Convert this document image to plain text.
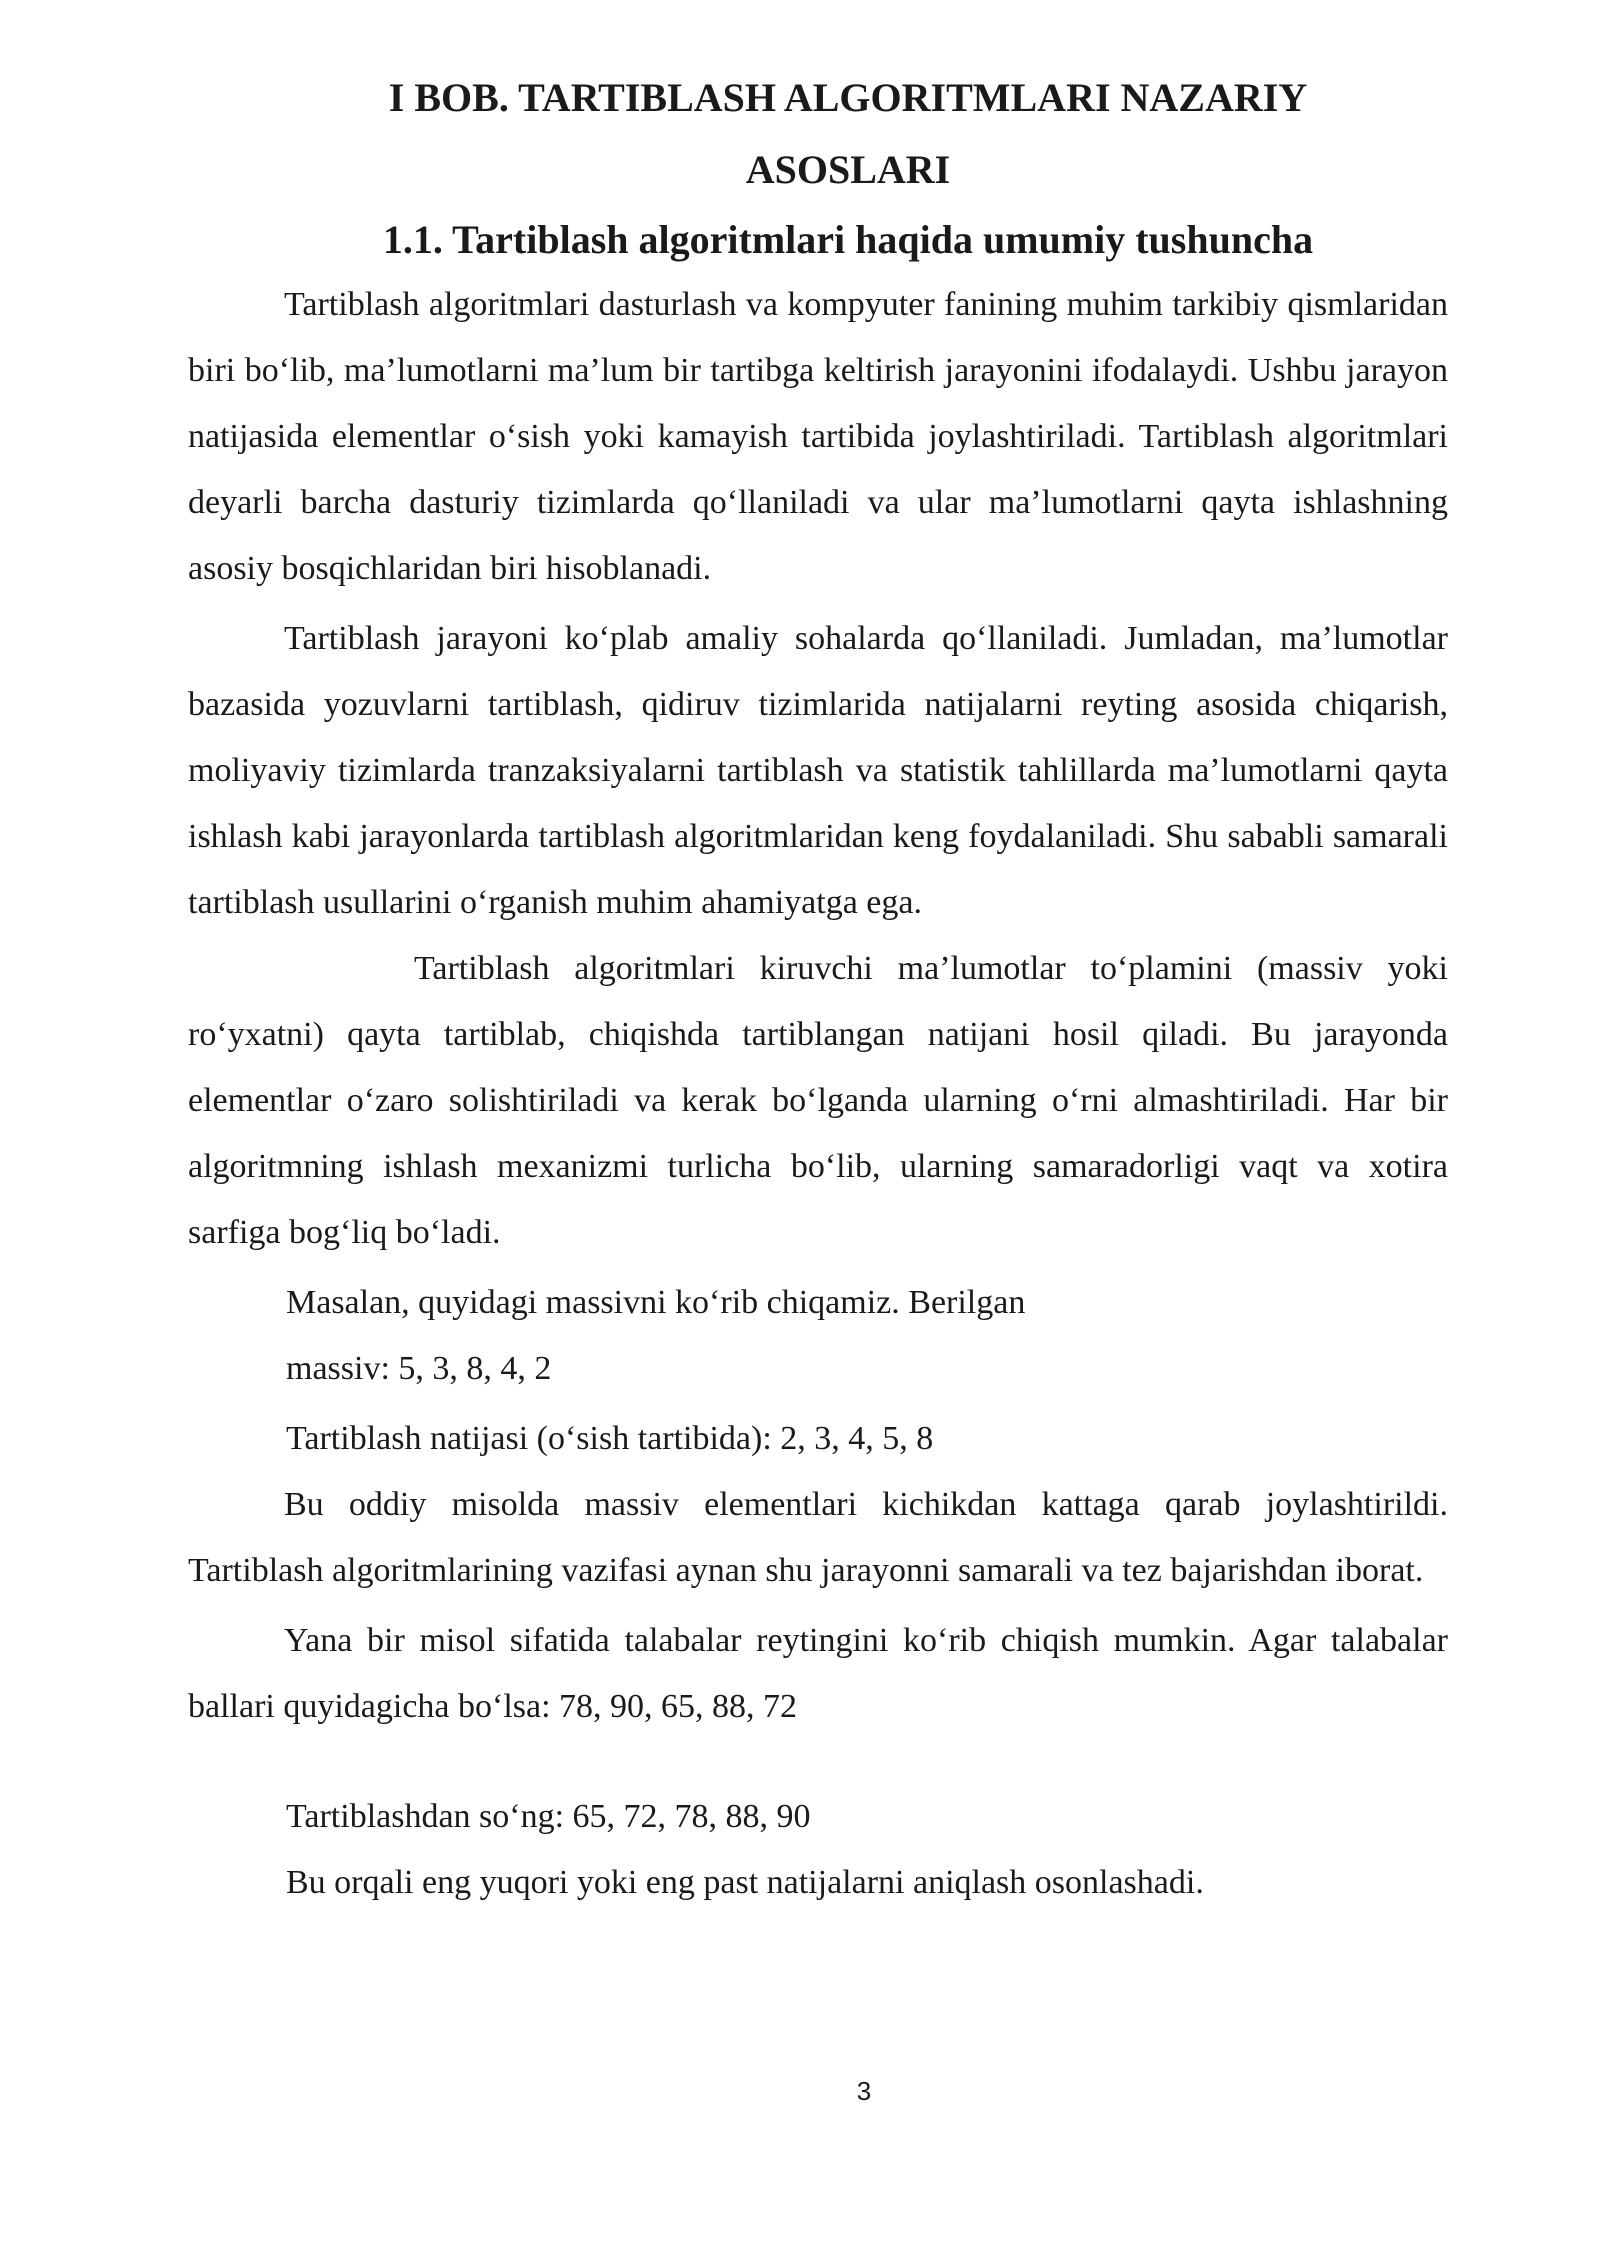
I BOB. TARTIBLASH ALGORITMLARI NAZARIY
ASOSLARI
1.1. Tartiblash algoritmlari haqida umumiy tushuncha

Tartiblash algoritmlari dasturlash va kompyuter fanining muhim tarkibiy qismlaridan biri bo‘lib, ma’lumotlarni ma’lum bir tartibga keltirish jarayonini ifodalaydi. Ushbu jarayon natijasida elementlar o‘sish yoki kamayish tartibida joylashtiriladi. Tartiblash algoritmlari deyarli barcha dasturiy tizimlarda qo‘llaniladi va ular ma’lumotlarni qayta ishlashning asosiy bosqichlaridan biri hisoblanadi.

Tartiblash jarayoni ko‘plab amaliy sohalarda qo‘llaniladi. Jumladan, ma’lumotlar bazasida yozuvlarni tartiblash, qidiruv tizimlarida natijalarni reyting asosida chiqarish, moliyaviy tizimlarda tranzaksiyalarni tartiblash va statistik tahlillarda ma’lumotlarni qayta ishlash kabi jarayonlarda tartiblash algoritmlaridan keng foydalaniladi. Shu sababli samarali tartiblash usullarini o‘rganish muhim ahamiyatga ega.

Tartiblash algoritmlari kiruvchi ma’lumotlar to‘plamini (massiv yoki ro‘yxatni) qayta tartiblab, chiqishda tartiblangan natijani hosil qiladi. Bu jarayonda elementlar o‘zaro solishtiriladi va kerak bo‘lganda ularning o‘rni almashtiriladi. Har bir algoritmning ishlash mexanizmi turlicha bo‘lib, ularning samaradorligi vaqt va xotira sarfiga bog‘liq bo‘ladi.

Masalan, quyidagi massivni ko‘rib chiqamiz. Berilgan

massiv: 5, 3, 8, 4, 2

Tartiblash natijasi (o‘sish tartibida): 2, 3, 4, 5, 8

Bu oddiy misolda massiv elementlari kichikdan kattaga qarab joylashtirildi. Tartiblash algoritmlarining vazifasi aynan shu jarayonni samarali va tez bajarishdan iborat.

Yana bir misol sifatida talabalar reytingini ko‘rib chiqish mumkin. Agar talabalar ballari quyidagicha bo‘lsa: 78, 90, 65, 88, 72

Tartiblashdan so‘ng: 65, 72, 78, 88, 90

Bu orqali eng yuqori yoki eng past natijalarni aniqlash osonlashadi.

3
